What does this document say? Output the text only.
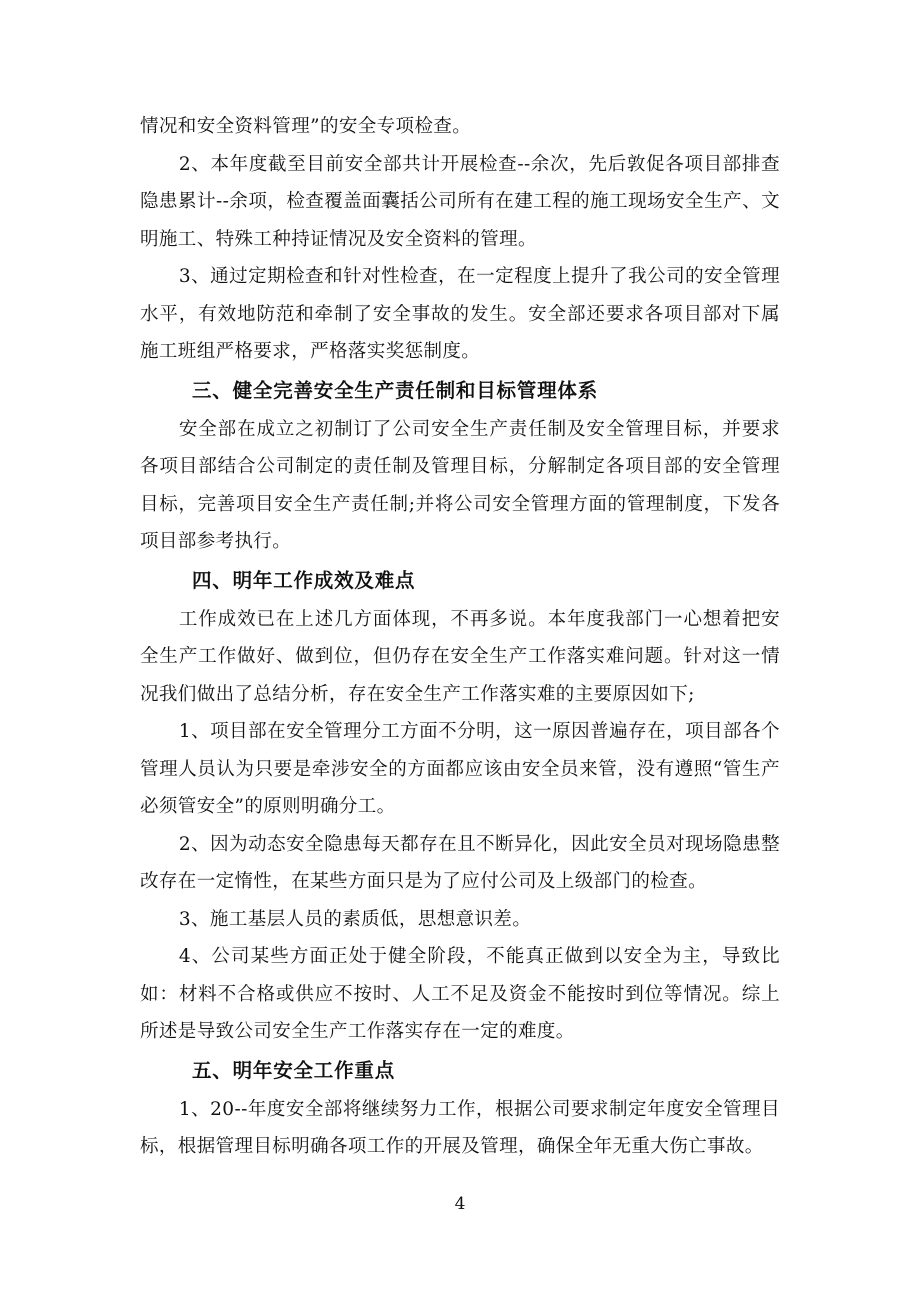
情况和安全资料管理”的安全专项检查。

2、本年度截至目前安全部共计开展检查--余次，先后敦促各项目部排查隐患累计--余项，检查覆盖面囊括公司所有在建工程的施工现场安全生产、文明施工、特殊工种持证情况及安全资料的管理。

3、通过定期检查和针对性检查，在一定程度上提升了我公司的安全管理水平，有效地防范和牵制了安全事故的发生。安全部还要求各项目部对下属施工班组严格要求，严格落实奖惩制度。

三、健全完善安全生产责任制和目标管理体系

安全部在成立之初制订了公司安全生产责任制及安全管理目标，并要求各项目部结合公司制定的责任制及管理目标，分解制定各项目部的安全管理目标，完善项目安全生产责任制;并将公司安全管理方面的管理制度，下发各项目部参考执行。

四、明年工作成效及难点

工作成效已在上述几方面体现，不再多说。本年度我部门一心想着把安全生产工作做好、做到位，但仍存在安全生产工作落实难问题。针对这一情况我们做出了总结分析，存在安全生产工作落实难的主要原因如下;

1、项目部在安全管理分工方面不分明，这一原因普遍存在，项目部各个管理人员认为只要是牵涉安全的方面都应该由安全员来管，没有遵照“管生产必须管安全”的原则明确分工。

2、因为动态安全隐患每天都存在且不断异化，因此安全员对现场隐患整改存在一定惰性，在某些方面只是为了应付公司及上级部门的检查。

3、施工基层人员的素质低，思想意识差。

4、公司某些方面正处于健全阶段，不能真正做到以安全为主，导致比如：材料不合格或供应不按时、人工不足及资金不能按时到位等情况。综上所述是导致公司安全生产工作落实存在一定的难度。

五、明年安全工作重点

1、20--年度安全部将继续努力工作，根据公司要求制定年度安全管理目标，根据管理目标明确各项工作的开展及管理，确保全年无重大伤亡事故。

4
